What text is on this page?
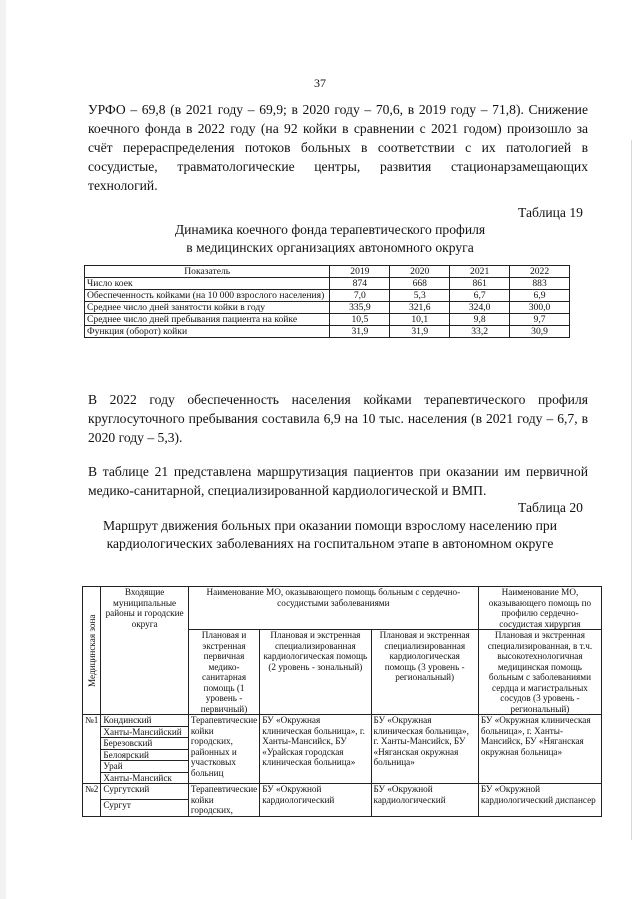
37
УРФО – 69,8 (в 2021 году – 69,9; в 2020 году – 70,6, в 2019 году – 71,8). Снижение коечного фонда в 2022 году (на 92 койки в сравнении с 2021 годом) произошло за счёт перераспределения потоков больных в соответствии с их патологией в сосудистые, травматологические центры, развития стационарзамещающих технологий.
Таблица 19
Динамика коечного фонда терапевтического профиля
в медицинских организациях автономного округа
Показатель	2019	2020	2021	2022
Число коек	874	668	861	883
Обеспеченность койками (на 10 000 взрослого населения)	7,0	5,3	6,7	6,9
Среднее число дней занятости койки в году	335,9	321,6	324,0	300,0
Среднее число дней пребывания пациента на койке	10,5	10,1	9,8	9,7
Функция (оборот) койки	31,9	31,9	33,2	30,9
В 2022 году обеспеченность населения койками терапевтического профиля круглосуточного пребывания составила 6,9 на 10 тыс. населения (в 2021 году – 6,7, в 2020 году – 5,3).
В таблице 21 представлена маршрутизация пациентов при оказании им первичной медико-санитарной, специализированной кардиологической и ВМП.
Таблица 20
Маршрут движения больных при оказании помощи взрослому населению при
кардиологических заболеваниях на госпитальном этапе в автономном округе
Медицинская зона	Входящие муниципальные районы и городские округа	Наименование МО, оказывающего помощь больным с сердечно-сосудистыми заболеваниями			Наименование МО, оказывающего помощь по профилю сердечно-сосудистая хирургия
		Плановая и экстренная первичная медико-санитарная помощь (1 уровень - первичный)	Плановая и экстренная специализированная кардиологическая помощь (2 уровень - зональный)	Плановая и экстренная специализированная кардиологическая помощь (3 уровень - региональный)	Плановая и экстренная специализированная, в т.ч. высокотехнологичная медицинская помощь больным с заболеваниями сердца и магистральных сосудов (3 уровень - региональный)
№1	Кондинский	Терапевтические койки городских, районных и участковых больниц	БУ «Окружная клиническая больница», г. Ханты-Мансийск, БУ «Урайская городская клиническая больница»	БУ «Окружная клиническая больница», г. Ханты-Мансийск, БУ «Няганская окружная больница»	БУ «Окружная клиническая больница», г. Ханты-Мансийск, БУ «Няганская окружная больница»
	Ханты-Мансийский				
	Березовский				
	Белоярский				
	Урай				
	Ханты-Мансийск				
№2	Сургутский	Терапевтические койки городских,	БУ «Окружной кардиологический	БУ «Окружной кардиологический	БУ «Окружной кардиологический диспансер
	Сургут				
